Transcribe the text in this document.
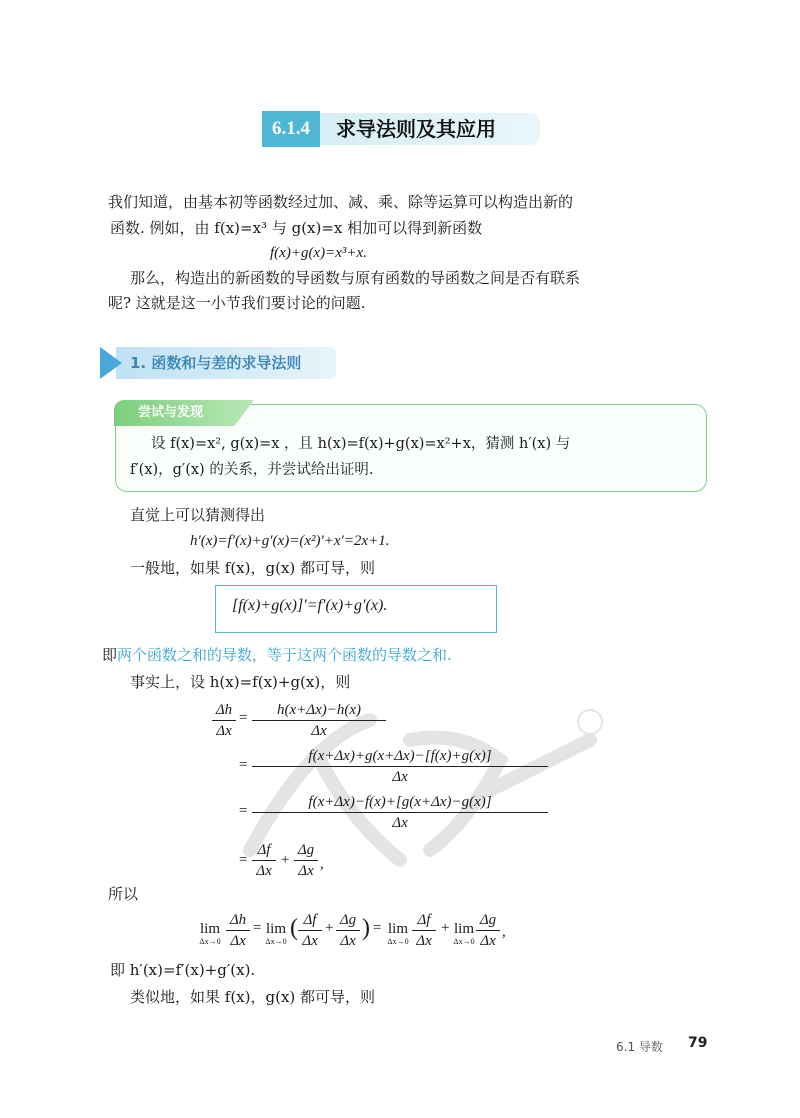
6.1.4	求导法则及其应用
我们知道，由基本初等函数经过加、减、乘、除等运算可以构造出新的
函数. 例如，由 f(x)=x³ 与 g(x)=x 相加可以得到新函数
f(x)+g(x)=x³+x.
那么，构造出的新函数的导函数与原有函数的导函数之间是否有联系
呢? 这就是这一小节我们要讨论的问题.
1. 函数和与差的求导法则
设 f(x)=x², g(x)=x ，且 h(x)=f(x)+g(x)=x²+x，猜测 h′(x) 与
f′(x)，g′(x) 的关系，并尝试给出证明.
尝试与发现
直觉上可以猜测得出
h′(x)=f′(x)+g′(x)=(x²)′+x′=2x+1.
一般地，如果 f(x)，g(x) 都可导，则
[f(x)+g(x)]′=f′(x)+g′(x).
即两个函数之和的导数，等于这两个函数的导数之和.
事实上，设 h(x)=f(x)+g(x)，则
Δh
Δx
=	h(x+Δx)−h(x)
Δx
=
f(x+Δx)+g(x+Δx)−[f(x)+g(x)]
Δx
=
f(x+Δx)−f(x)+[g(x+Δx)−g(x)]
Δx
=
Δf
Δx
+
Δg
Δx ,
所以
lim
Δx→0
Δh
Δx
= lim
Δx→0
( Δf
Δx
+ Δg
Δx ) = lim
Δx→0
Δf
Δx
+ lim
Δx→0
Δg
Δx
,
即 h′(x)=f′(x)+g′(x).
类似地，如果 f(x)，g(x) 都可导，则
6.1 导数 79
